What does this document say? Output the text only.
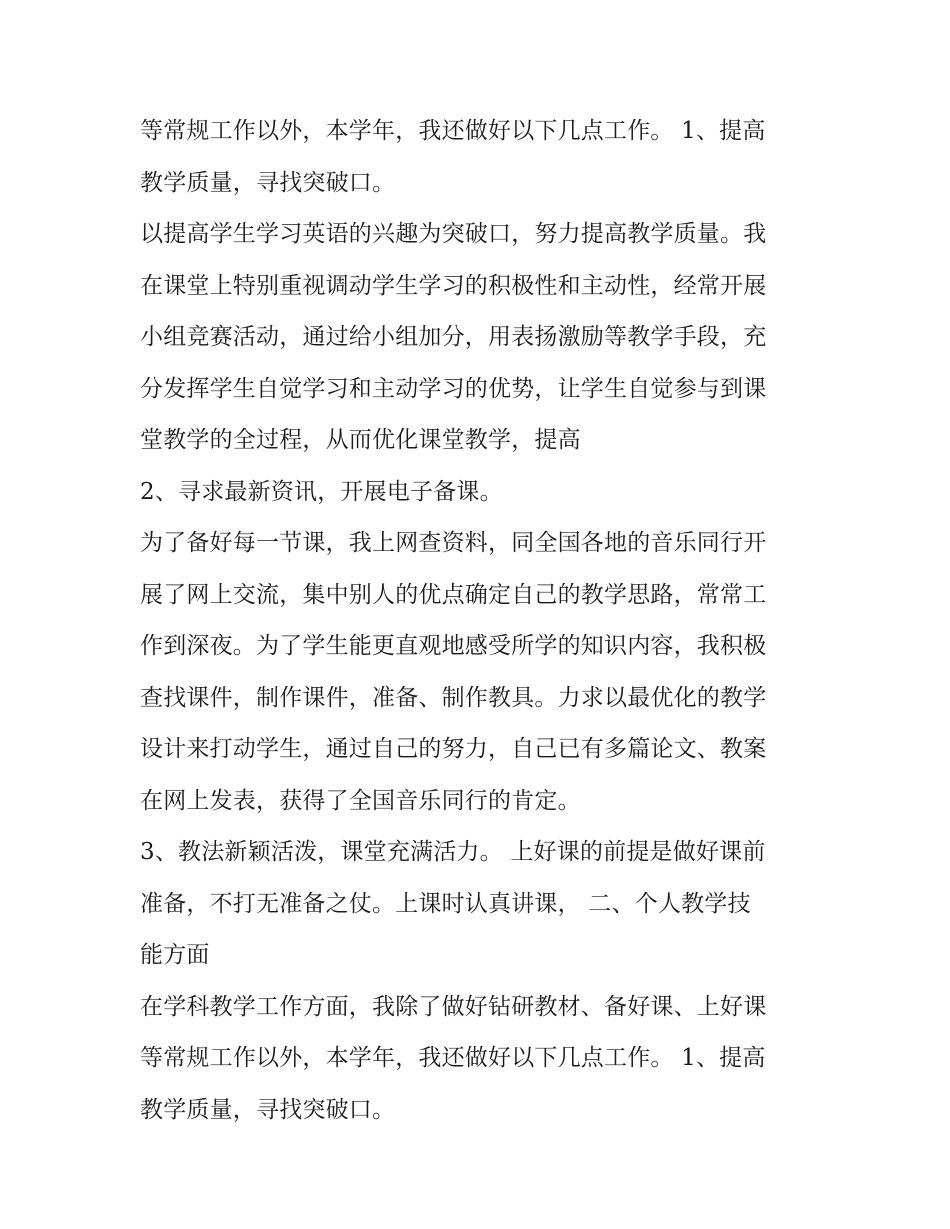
等常规工作以外，本学年，我还做好以下几点工作。 1、提高
教学质量，寻找突破口。
以提高学生学习英语的兴趣为突破口，努力提高教学质量。我
在课堂上特别重视调动学生学习的积极性和主动性，经常开展
小组竞赛活动，通过给小组加分，用表扬激励等教学手段，充
分发挥学生自觉学习和主动学习的优势，让学生自觉参与到课
堂教学的全过程，从而优化课堂教学，提高
2、寻求最新资讯，开展电子备课。
为了备好每一节课，我上网查资料，同全国各地的音乐同行开
展了网上交流，集中别人的优点确定自己的教学思路，常常工
作到深夜。为了学生能更直观地感受所学的知识内容，我积极
查找课件，制作课件，准备、制作教具。力求以最优化的教学
设计来打动学生，通过自己的努力，自己已有多篇论文、教案
在网上发表，获得了全国音乐同行的肯定。
3、教法新颖活泼，课堂充满活力。 上好课的前提是做好课前
准备，不打无准备之仗。上课时认真讲课， 二、个人教学技
能方面
在学科教学工作方面，我除了做好钻研教材、备好课、上好课
等常规工作以外，本学年，我还做好以下几点工作。 1、提高
教学质量，寻找突破口。
